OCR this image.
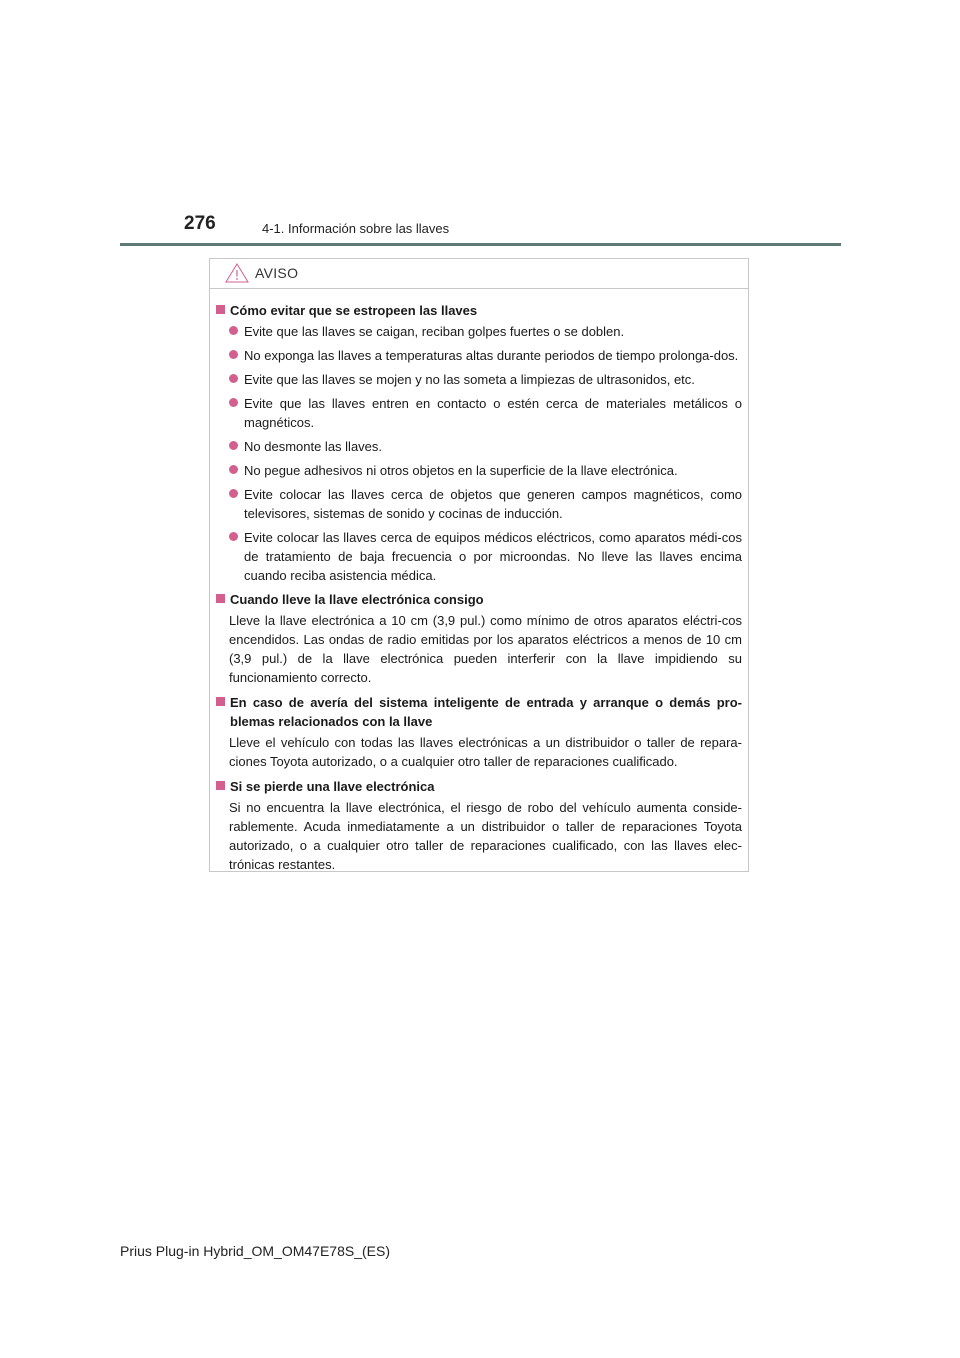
276	4-1. Información sobre las llaves
AVISO
Cómo evitar que se estropeen las llaves
Evite que las llaves se caigan, reciban golpes fuertes o se doblen.
No exponga las llaves a temperaturas altas durante periodos de tiempo prolonga-dos.
Evite que las llaves se mojen y no las someta a limpiezas de ultrasonidos, etc.
Evite que las llaves entren en contacto o estén cerca de materiales metálicos o magnéticos.
No desmonte las llaves.
No pegue adhesivos ni otros objetos en la superficie de la llave electrónica.
Evite colocar las llaves cerca de objetos que generen campos magnéticos, como televisores, sistemas de sonido y cocinas de inducción.
Evite colocar las llaves cerca de equipos médicos eléctricos, como aparatos médi-cos de tratamiento de baja frecuencia o por microondas. No lleve las llaves encima cuando reciba asistencia médica.
Cuando lleve la llave electrónica consigo
Lleve la llave electrónica a 10 cm (3,9 pul.) como mínimo de otros aparatos eléctri-cos encendidos. Las ondas de radio emitidas por los aparatos eléctricos a menos de 10 cm (3,9 pul.) de la llave electrónica pueden interferir con la llave impidiendo su funcionamiento correcto.
En caso de avería del sistema inteligente de entrada y arranque o demás pro-blemas relacionados con la llave
Lleve el vehículo con todas las llaves electrónicas a un distribuidor o taller de repara-ciones Toyota autorizado, o a cualquier otro taller de reparaciones cualificado.
Si se pierde una llave electrónica
Si no encuentra la llave electrónica, el riesgo de robo del vehículo aumenta conside-rablemente. Acuda inmediatamente a un distribuidor o taller de reparaciones Toyota autorizado, o a cualquier otro taller de reparaciones cualificado, con las llaves elec-trónicas restantes.
Prius Plug-in Hybrid_OM_OM47E78S_(ES)
